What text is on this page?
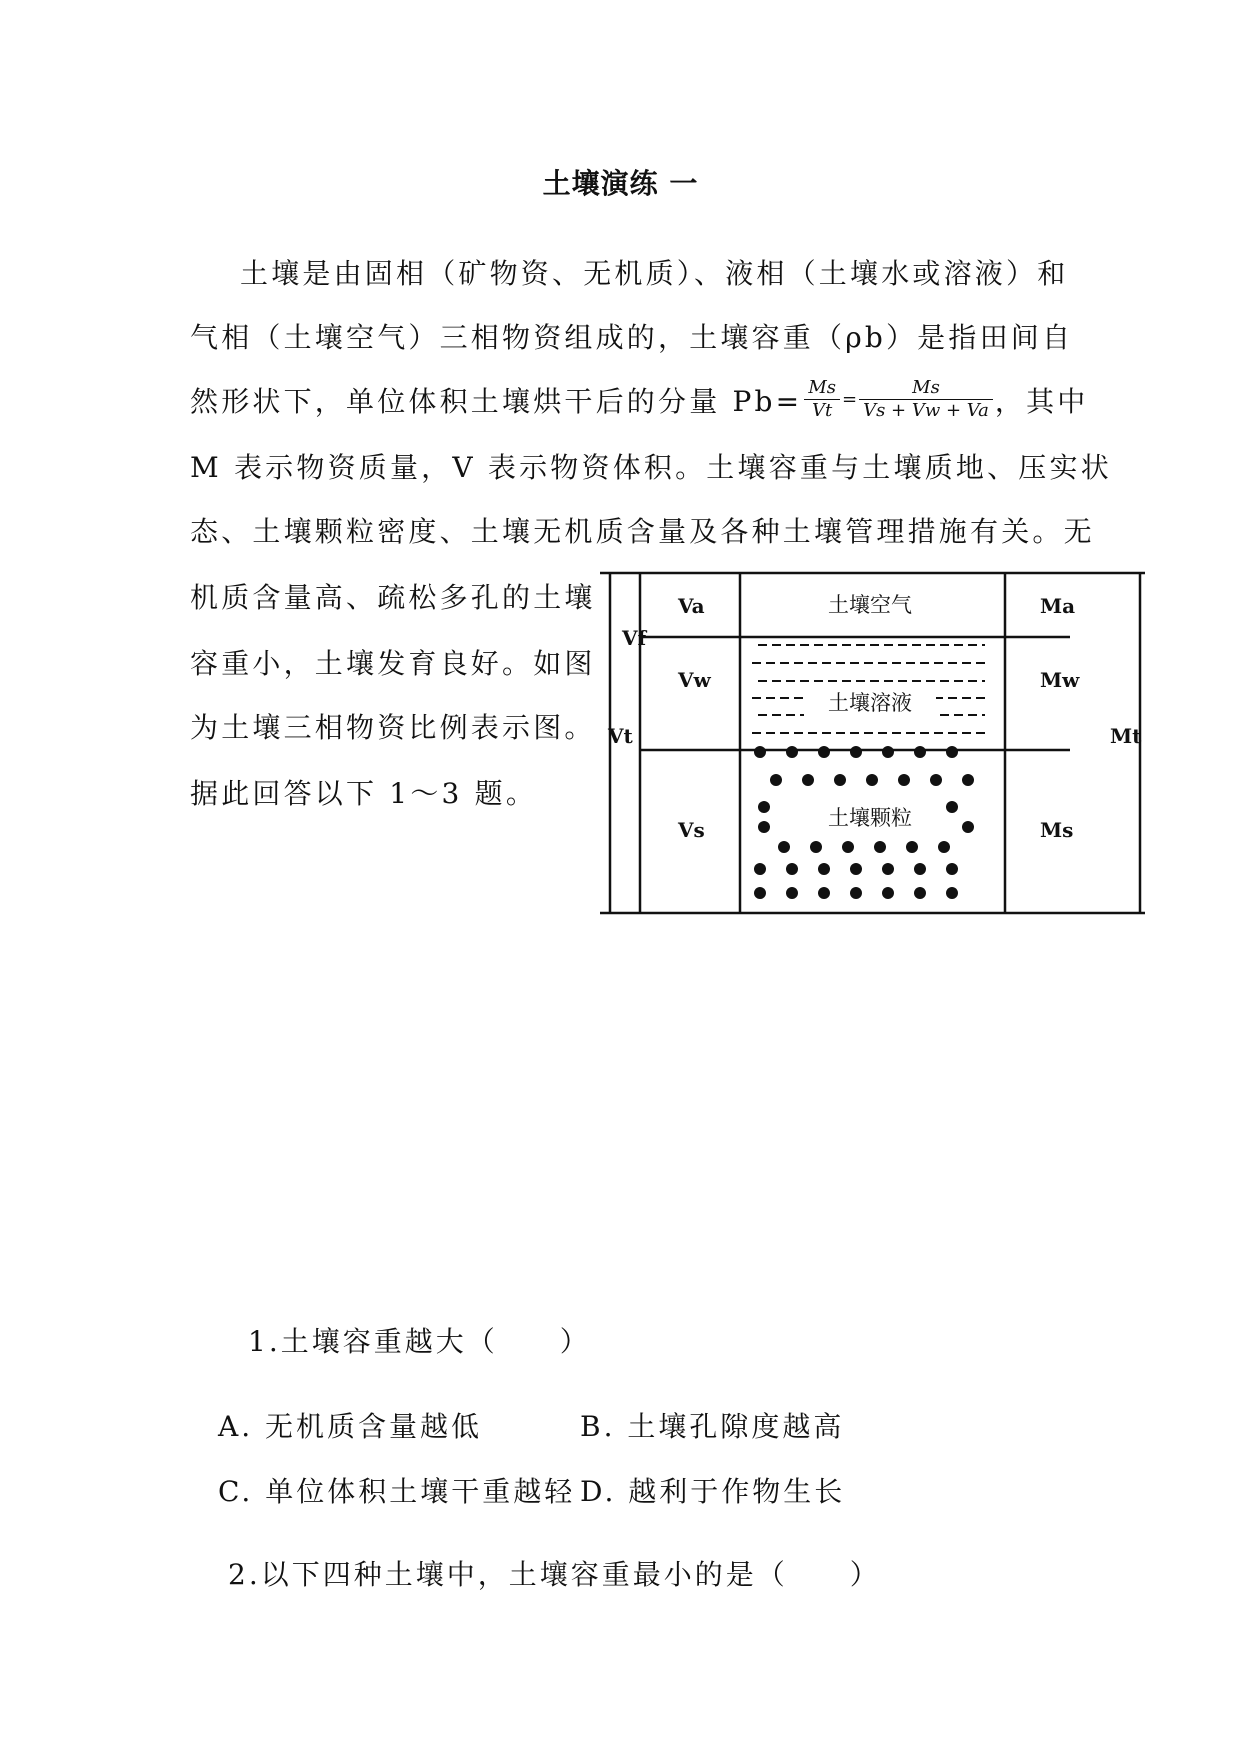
土壤演练 一
土壤是由固相（矿物资、无机质）、液相（土壤水或溶液）和
气相（土壤空气）三相物资组成的，土壤容重（ρb）是指田间自
然形状下，单位体积土壤烘干后的分量 $Pb= \frac{Ms}{Vt} = \frac{Ms}{Vs + Vw + Va}$ ，其中
M 表示物资质量，V 表示物资体积。土壤容重与土壤质地、压实状
态、土壤颗粒密度、土壤无机质含量及各种土壤管理措施有关。无
机质含量高、疏松多孔的土壤
容重小，土壤发育良好。如图
为土壤三相物资比例表示图。
据此回答以下 1～3 题。
土壤空气
土壤溶液
土壤颗粒
Va
Vf
Vw
Vt
Vs
Ma
Mw
Mt
Ms
1.土壤容重越大（　　）
A. 无机质含量越低	B. 土壤孔隙度越高
C. 单位体积土壤干重越轻 D. 越利于作物生长
2.以下四种土壤中，土壤容重最小的是（　　）
